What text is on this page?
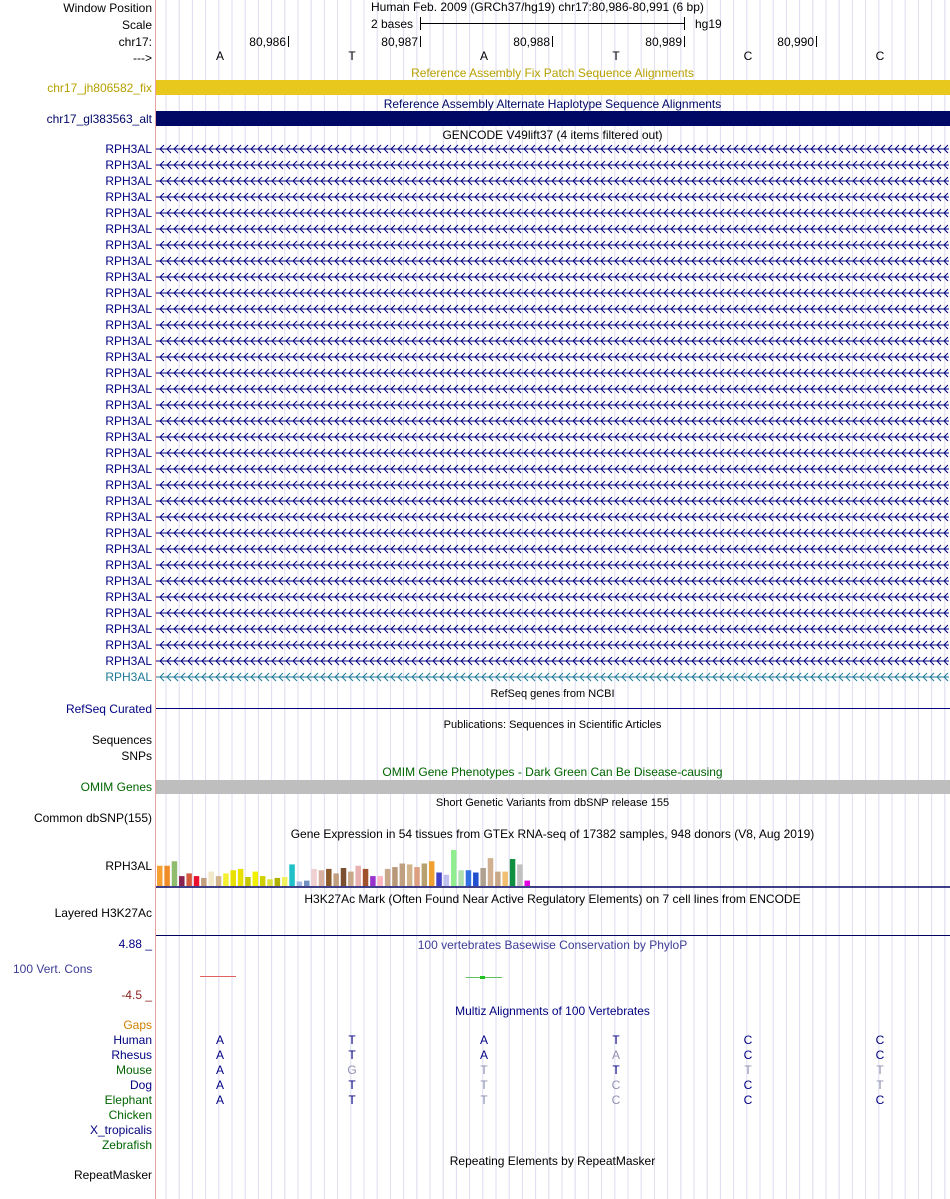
Window Position	Human Feb. 2009 (GRCh37/hg19) chr17:80,986-80,991 (6 bp)
Scale	2 bases	hg19
chr17:	80,986	80,987	80,988	80,989	80,990
--->	A	T	A	T	C	C
Reference Assembly Fix Patch Sequence Alignments
chr17_jh806582_fix
Reference Assembly Alternate Haplotype Sequence Alignments
chr17_gl383563_alt
GENCODE V49lift37 (4 items filtered out)
RPH3AL
RPH3AL
RPH3AL
RPH3AL
RPH3AL
RPH3AL
RPH3AL
RPH3AL
RPH3AL
RPH3AL
RPH3AL
RPH3AL
RPH3AL
RPH3AL
RPH3AL
RPH3AL
RPH3AL
RPH3AL
RPH3AL
RPH3AL
RPH3AL
RPH3AL
RPH3AL
RPH3AL
RPH3AL
RPH3AL
RPH3AL
RPH3AL
RPH3AL
RPH3AL
RPH3AL
RPH3AL
RPH3AL
RPH3AL
RefSeq genes from NCBI
RefSeq Curated
Publications: Sequences in Scientific Articles
Sequences
SNPs
OMIM Gene Phenotypes - Dark Green Can Be Disease-causing
OMIM Genes
Short Genetic Variants from dbSNP release 155
Common dbSNP(155)
Gene Expression in 54 tissues from GTEx RNA-seq of 17382 samples, 948 donors (V8, Aug 2019)
RPH3AL
H3K27Ac Mark (Often Found Near Active Regulatory Elements) on 7 cell lines from ENCODE
Layered H3K27Ac
4.88 _	100 vertebrates Basewise Conservation by PhyloP
100 Vert. Cons
-4.5 _
Multiz Alignments of 100 Vertebrates
Gaps
Human	A	T	A	T	C	C
Rhesus	A	T	A	A	C	C
Mouse	A	G	T	T	T	T
Dog	A	T	T	C	C	T
Elephant	A	T	T	C	C	C
Chicken
X_tropicalis
Zebrafish
Repeating Elements by RepeatMasker
RepeatMasker
